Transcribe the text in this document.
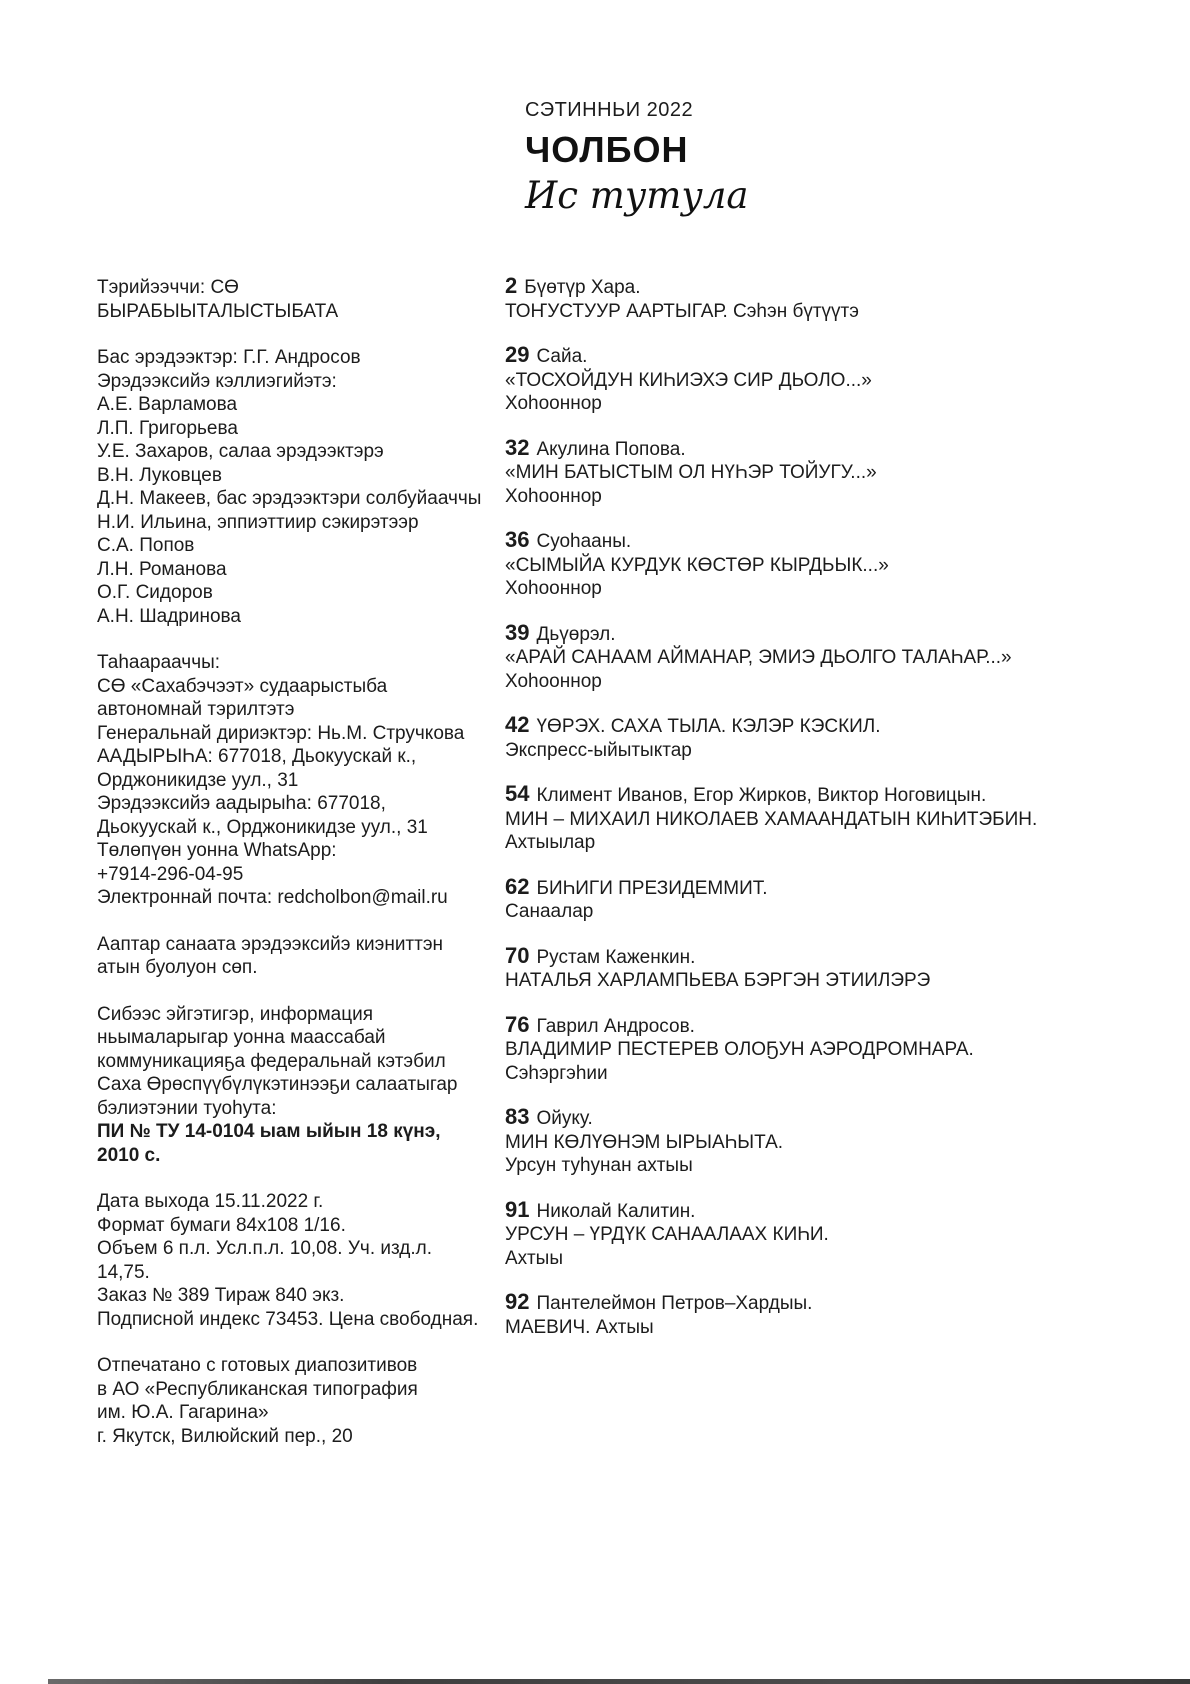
СЭТИННЬИ 2022
ЧОЛБОН
Ис тутула
Тэрийээччи: СӨ БЫРАБЫЫТАЛЫСТЫБАТА
Бас эрэдээктэр: Г.Г. Андросов
Эрэдээксийэ кэллиэгийэтэ:
А.Е. Варламова
Л.П. Григорьева
У.Е. Захаров, салаа эрэдээктэрэ
В.Н. Луковцев
Д.Н. Макеев, бас эрэдээктэри солбуйааччы
Н.И. Ильина, эппиэттиир сэкирэтээр
С.А. Попов
Л.Н. Романова
О.Г. Сидоров
А.Н. Шадринова
Таһаарааччы:
СӨ «Сахабэчээт» судаарыстыба
автономнай тэрилтэтэ
Генеральнай дириэктэр: Нь.М. Стручкова
ААДЫРЫҺА: 677018, Дьокуускай к.,
Орджоникидзе уул., 31
Эрэдээксийэ аадырыһа: 677018,
Дьокуускай к., Орджоникидзе уул., 31
Төлөпүөн уонна WhatsApp:
+7914-296-04-95
Электроннай почта: redcholbon@mail.ru
Ааптар санаата эрэдээксийэ киэниттэн
атын буолуон сөп.
Сибээс эйгэтигэр, информация
ньымаларыгар уонна маассабай
коммуникацияҕа федеральнай кэтэбил
Саха Өрөспүүбүлүкэтинээҕи салаатыгар
бэлиэтэнии туоһута:
ПИ № ТУ 14-0104 ыам ыйын 18 күнэ, 2010 с.
Дата выхода 15.11.2022 г.
Формат бумаги 84х108 1/16.
Объем 6 п.л. Усл.п.л. 10,08. Уч. изд.л. 14,75.
Заказ № 389 Тираж 840 экз.
Подписной индекс 73453. Цена свободная.
Отпечатано с готовых диапозитивов
в АО «Республиканская типография
им. Ю.А. Гагарина»
г. Якутск, Вилюйский пер., 20
2 Бүөтүр Хара.
ТОҤУСТУУР ААРТЫГАР. Сэһэн бүтүүтэ
29 Сайа.
«ТОСХОЙДУН КИҺИЭХЭ СИР ДЬОЛО...»
Хоһооннор
32 Акулина Попова.
«МИН БАТЫСТЫМ ОЛ НҮҺЭР ТОЙУГУ...»
Хоһооннор
36 Суоһааны.
«СЫМЫЙА КУРДУК КӨСТӨР КЫРДЬЫК...»
Хоһооннор
39 Дьүөрэл.
«АРАЙ САНААМ АЙМАНАР, ЭМИЭ ДЬОЛГО ТАЛАҺАР...»
Хоһооннор
42 ҮӨРЭХ. САХА ТЫЛА. КЭЛЭР КЭСКИЛ.
Экспресс-ыйытыктар
54 Климент Иванов, Егор Жирков, Виктор Ноговицын.
МИН – МИХАИЛ НИКОЛАЕВ ХАМААНДАТЫН КИҺИТЭБИН.
Ахтыылар
62 БИҺИГИ ПРЕЗИДЕММИТ.
Санаалар
70 Рустам Каженкин.
НАТАЛЬЯ ХАРЛАМПЬЕВА БЭРГЭН ЭТИИЛЭРЭ
76 Гаврил Андросов.
ВЛАДИМИР ПЕСТЕРЕВ ОЛОҔУН АЭРОДРОМНАРА.
Сэһэргэһии
83 Ойуку.
МИН КӨЛҮӨНЭМ ЫРЫАҺЫТА.
Урсун туһунан ахтыы
91 Николай Калитин.
УРСУН – ҮРДҮК САНААЛААХ КИҺИ.
Ахтыы
92 Пантелеймон Петров–Хардыы.
МАЕВИЧ. Ахтыы
